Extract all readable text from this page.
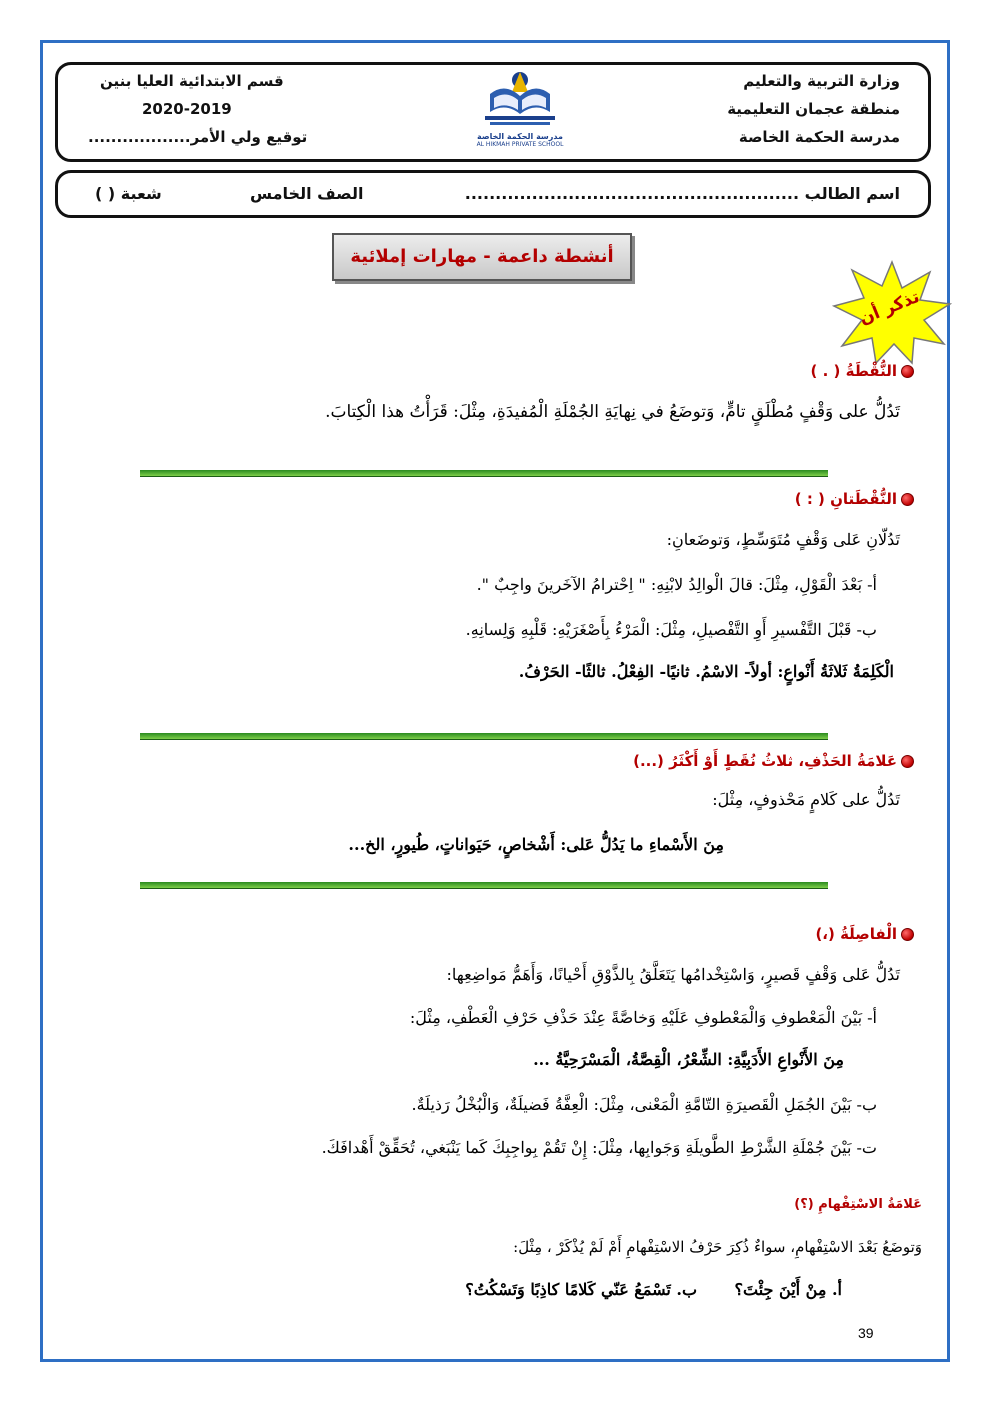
وزارة التربية والتعليم
منطقة عجمان التعليمية
مدرسة الحكمة الخاصة
قسم الابتدائية العليا بنين
2020-2019
توقيع ولي الأمر..................	مدرسة الحكمة الخاصة
AL HIKMAH PRIVATE SCHOOL
اسم الطالب .......................................................
الصف الخامس
شعبة ( )
أنشطة داعمة - مهارات إملائية
تذكر أن
النُّقْطَةُ ( . )
تَدُلُّ على وَقْفٍ مُطْلَقٍ تامٍّ، وَتوضَعُ في نِهايَةِ الجُمْلَةِ الْمُفيدَةِ، مِثْلَ: قَرَأْتُ هذا الْكِتابَ.
النُّقْطَتانِ ( : )
تَدُلّانِ عَلى وَقْفٍ مُتَوَسِّطٍ، وَتوضَعانِ:
أ- بَعْدَ الْقَوْلِ، مِثْلَ: قالَ الْوالِدُ لابْنِهِ: " اِحْترامُ الآخَرينَ واجِبٌ ".
ب- قَبْلَ التَّفْسيرِ أَوِ التَّفْصيلِ، مِثْلَ: الْمَرْءُ بِأَصْغَرَيْهِ: قَلْبِهِ وَلِسانِهِ.
الْكَلِمَةُ ثَلاثَةُ أَنْواعٍ: أولاً- الاسْمُ. ثانيًا- الفِعْلُ. ثالثًا- الحَرْفُ.
عَلامَةُ الحَذْفِ، ثلاثُ نُقَطٍ أَوْ أَكْثَرُ (...)
تَدُلُّ على كَلامٍ مَحْذوفٍ، مِثْلَ:
مِنَ الأَسْماءِ ما يَدُلُّ عَلى: أَشْخاصٍ، حَيَواناتٍ، طُيورٍ، الخ...
الْفاصِلَةُ (،)
تَدُلُّ عَلى وَقْفٍ قَصيرٍ، وَاسْتِخْدامُها يَتَعَلَّقُ بِالذَّوْقِ أَحْيانًا، وَأَهَمُّ مَواضِعِها:
أ- بَيْنَ الْمَعْطوفِ وَالْمَعْطوفِ عَلَيْهِ وَخاصَّةً عِنْدَ حَذْفِ حَرْفِ الْعَطْفِ، مِثْلَ:
مِنَ الأَنْواعِ الأَدَبِيَّةِ: الشِّعْرُ، الْقِصَّةُ، الْمَسْرَحِيَّةُ ...
ب- بَيْنَ الجُمَلِ الْقَصيرَةِ التّامَّةِ الْمَعْنى، مِثْلَ: الْعِفَّةُ فَضيلَةٌ، وَالْبُخْلُ رَذيلَةٌ.
ت- بَيْنَ جُمْلَةِ الشَّرْطِ الطَّويلَةِ وَجَوابِها، مِثْلَ: إِنْ تَقُمْ بِواجِبِكَ كَما يَنْبَغي، تُحَقِّقْ أَهْدافَكَ.
عَلامَةُ الاسْتِفْهامِ (؟)
وَتوضَعُ بَعْدَ الاسْتِفْهامِ، سواءٌ ذُكِرَ حَرْفُ الاسْتِفْهامِ أَمْ لَمْ يُذْكَرْ ، مِثْلَ:
أ. مِنْ أَيْنَ جِئْتَ؟
ب. تَسْمَعُ عَنّي كَلامًا كاذِبًا وَتَسْكُتُ؟
39
